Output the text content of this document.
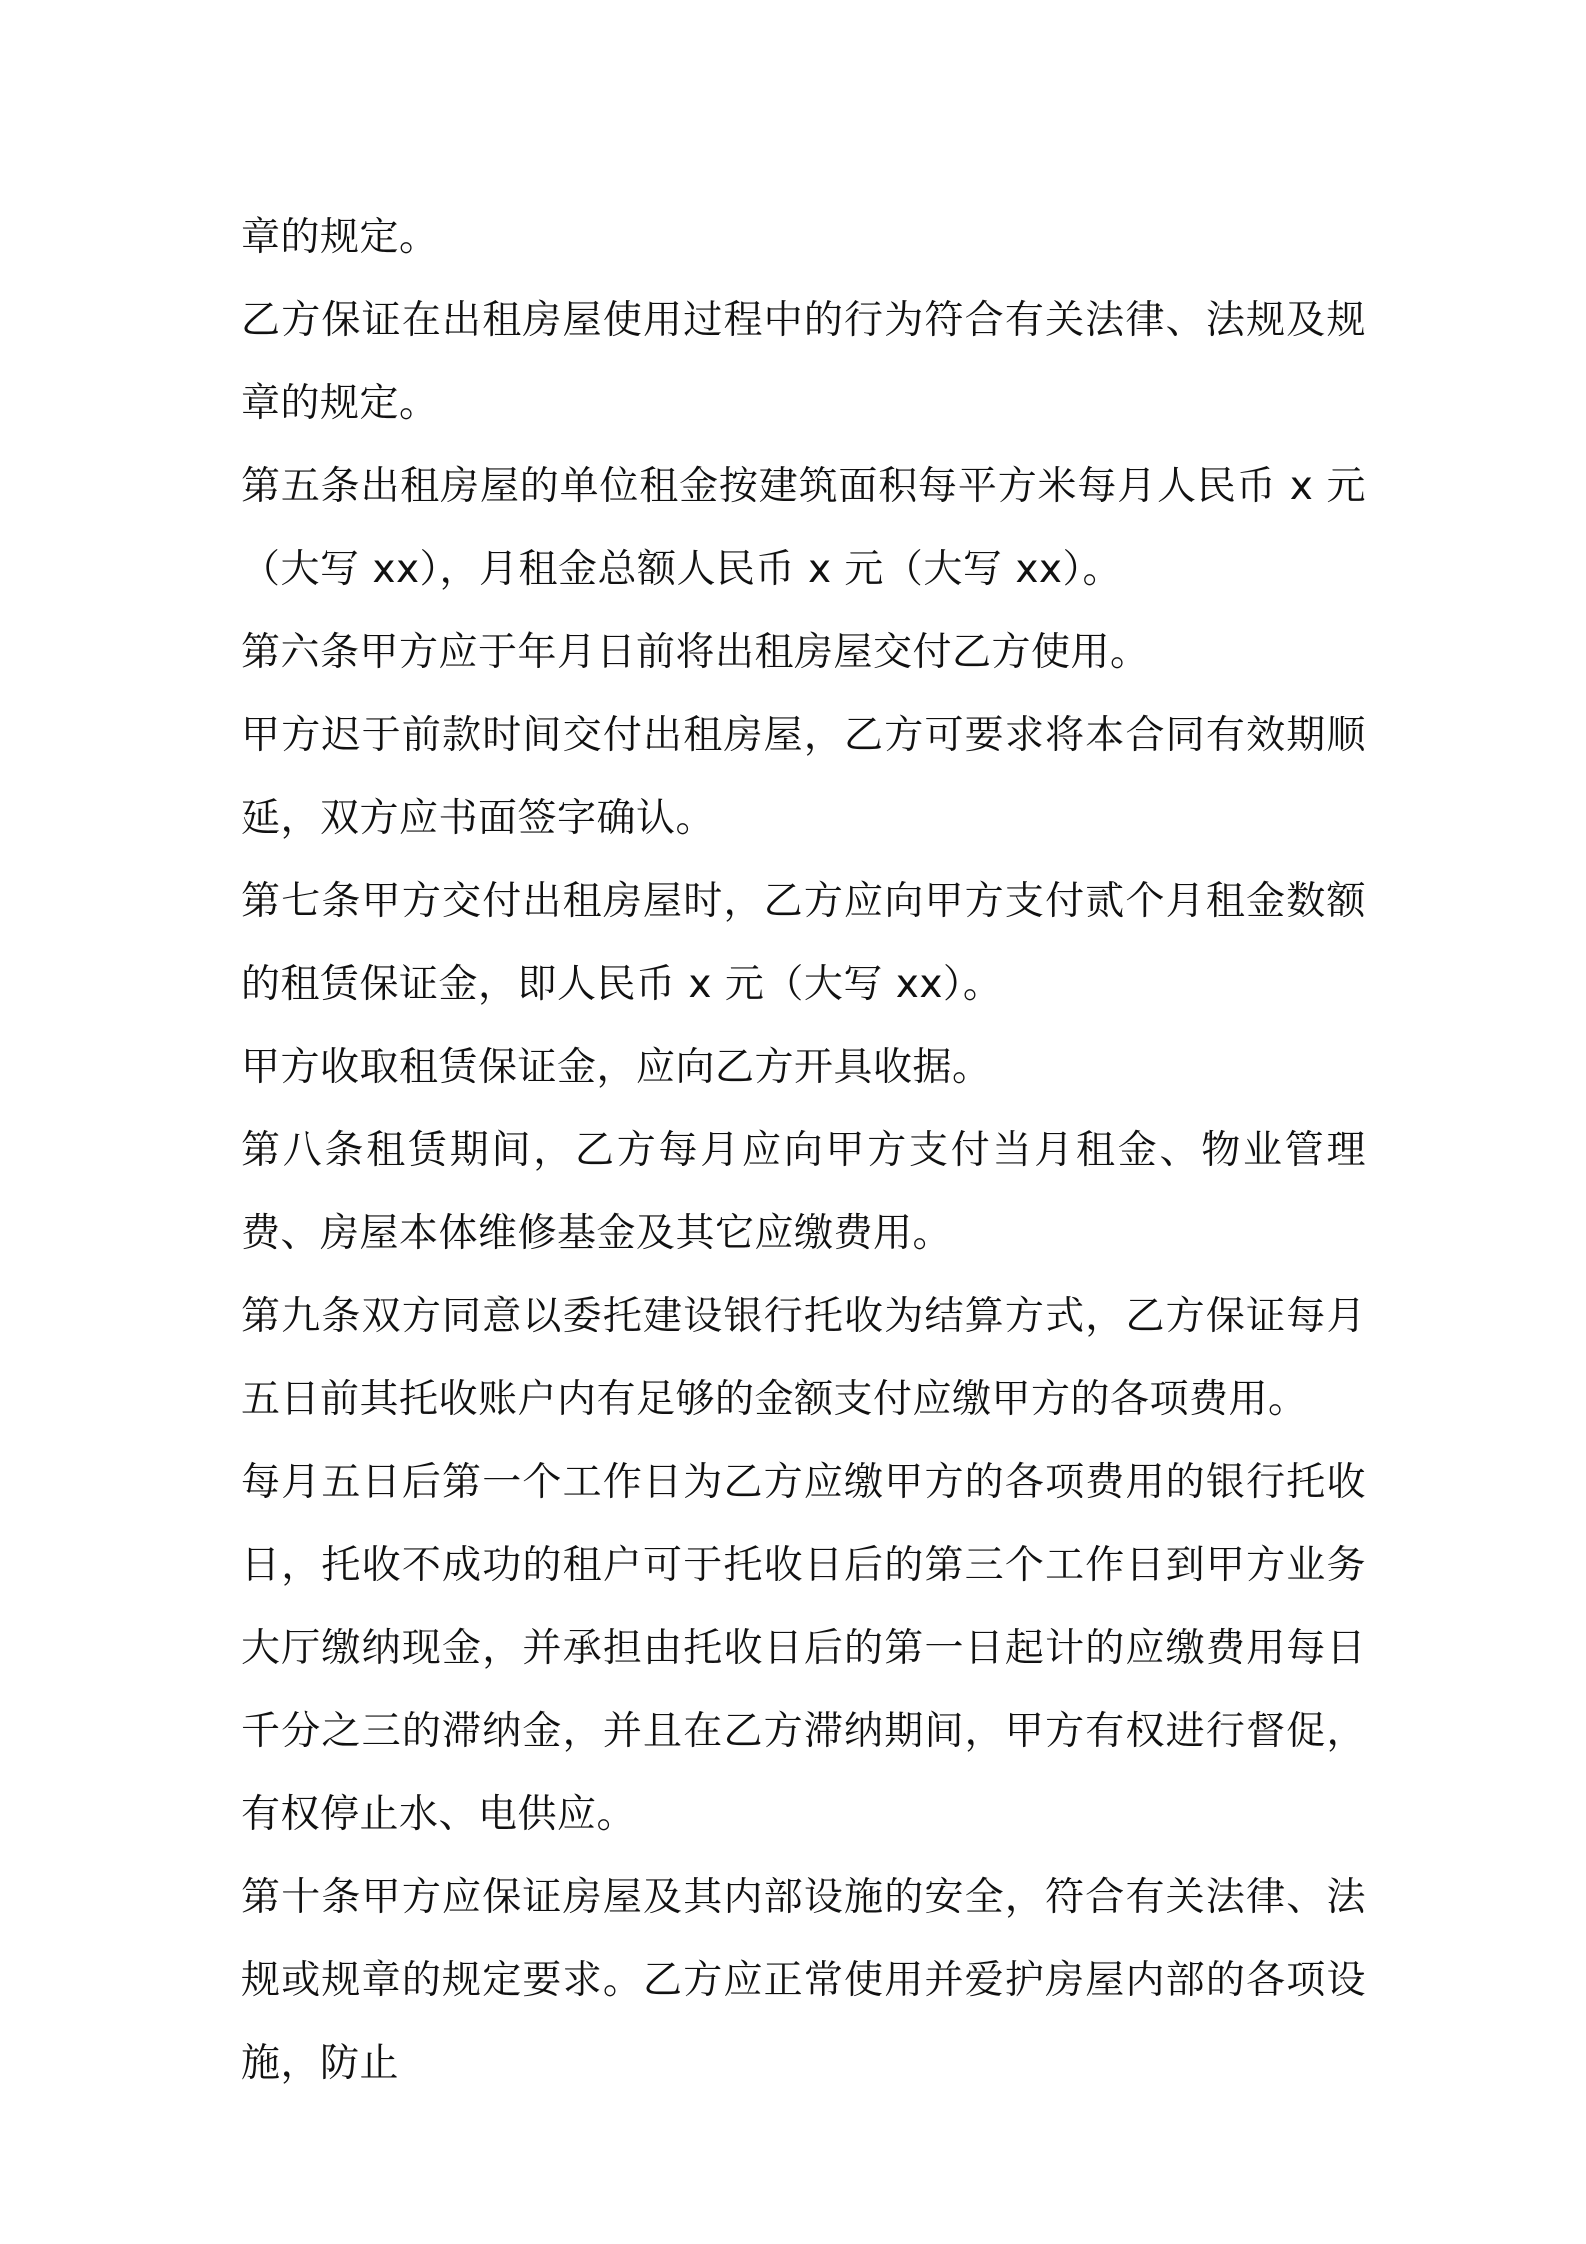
章的规定。

乙方保证在出租房屋使用过程中的行为符合有关法律、法规及规章的规定。

第五条出租房屋的单位租金按建筑面积每平方米每月人民币 x 元（大写 xx），月租金总额人民币 x 元（大写 xx）。

第六条甲方应于年月日前将出租房屋交付乙方使用。

甲方迟于前款时间交付出租房屋，乙方可要求将本合同有效期顺延，双方应书面签字确认。

第七条甲方交付出租房屋时，乙方应向甲方支付贰个月租金数额的租赁保证金，即人民币 x 元（大写 xx）。

甲方收取租赁保证金，应向乙方开具收据。

第八条租赁期间，乙方每月应向甲方支付当月租金、物业管理费、房屋本体维修基金及其它应缴费用。

第九条双方同意以委托建设银行托收为结算方式，乙方保证每月五日前其托收账户内有足够的金额支付应缴甲方的各项费用。

每月五日后第一个工作日为乙方应缴甲方的各项费用的银行托收日，托收不成功的租户可于托收日后的第三个工作日到甲方业务大厅缴纳现金，并承担由托收日后的第一日起计的应缴费用每日千分之三的滞纳金，并且在乙方滞纳期间，甲方有权进行督促，有权停止水、电供应。

第十条甲方应保证房屋及其内部设施的安全，符合有关法律、法规或规章的规定要求。乙方应正常使用并爱护房屋内部的各项设施，防止
